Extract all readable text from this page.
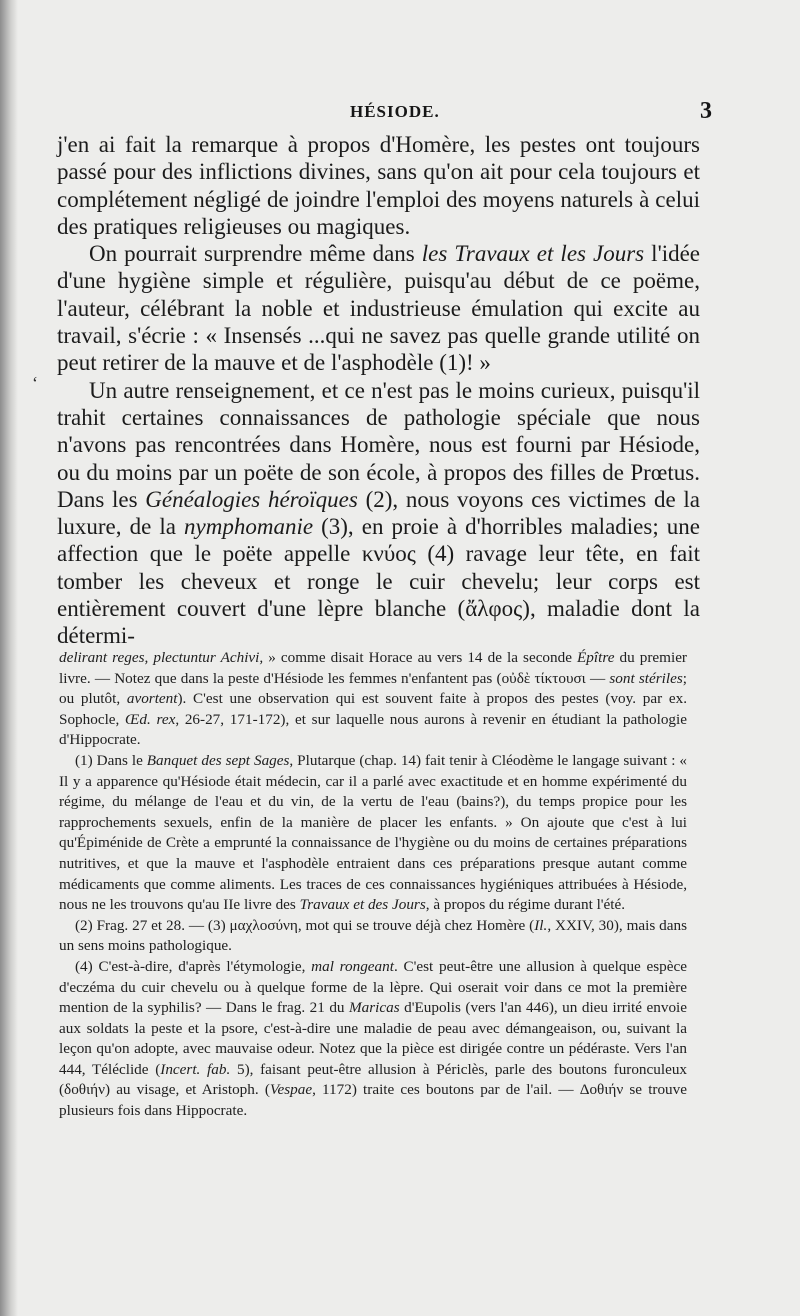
HÉSIODE.	3
‘

j'en ai fait la remarque à propos d'Homère, les pestes ont toujours passé pour des inflictions divines, sans qu'on ait pour cela toujours et complétement négligé de joindre l'emploi des moyens naturels à celui des pratiques religieuses ou magiques.

On pourrait surprendre même dans les Travaux et les Jours l'idée d'une hygiène simple et régulière, puisqu'au début de ce poëme, l'auteur, célébrant la noble et industrieuse émulation qui excite au travail, s'écrie : « Insensés ...qui ne savez pas quelle grande utilité on peut retirer de la mauve et de l'asphodèle (1)! »

Un autre renseignement, et ce n'est pas le moins curieux, puisqu'il trahit certaines connaissances de pathologie spéciale que nous n'avons pas rencontrées dans Homère, nous est fourni par Hésiode, ou du moins par un poëte de son école, à propos des filles de Prœtus. Dans les Généalogies héroïques (2), nous voyons ces victimes de la luxure, de la nymphomanie (3), en proie à d'horribles maladies; une affection que le poëte appelle κνύος (4) ravage leur tête, en fait tomber les cheveux et ronge le cuir chevelu; leur corps est entièrement couvert d'une lèpre blanche (ἄλφος), maladie dont la détermi-

delirant reges, plectuntur Achivi, » comme disait Horace au vers 14 de la seconde Épître du premier livre. — Notez que dans la peste d'Hésiode les femmes n'enfantent pas (οὐδὲ τίκτουσι — sont stériles; ou plutôt, avortent). C'est une observation qui est souvent faite à propos des pestes (voy. par ex. Sophocle, Œd. rex, 26-27, 171-172), et sur laquelle nous aurons à revenir en étudiant la pathologie d'Hippocrate.

(1) Dans le Banquet des sept Sages, Plutarque (chap. 14) fait tenir à Cléodème le langage suivant : « Il y a apparence qu'Hésiode était médecin, car il a parlé avec exactitude et en homme expérimenté du régime, du mélange de l'eau et du vin, de la vertu de l'eau (bains?), du temps propice pour les rapprochements sexuels, enfin de la manière de placer les enfants. » On ajoute que c'est à lui qu'Épiménide de Crète a emprunté la connaissance de l'hygiène ou du moins de certaines préparations nutritives, et que la mauve et l'asphodèle entraient dans ces préparations presque autant comme médicaments que comme aliments. Les traces de ces connaissances hygiéniques attribuées à Hésiode, nous ne les trouvons qu'au IIe livre des Travaux et des Jours, à propos du régime durant l'été.

(2) Frag. 27 et 28. — (3) μαχλοσύνη, mot qui se trouve déjà chez Homère (Il., XXIV, 30), mais dans un sens moins pathologique.

(4) C'est-à-dire, d'après l'étymologie, mal rongeant. C'est peut-être une allusion à quelque espèce d'eczéma du cuir chevelu ou à quelque forme de la lèpre. Qui oserait voir dans ce mot la première mention de la syphilis? — Dans le frag. 21 du Maricas d'Eupolis (vers l'an 446), un dieu irrité envoie aux soldats la peste et la psore, c'est-à-dire une maladie de peau avec démangeaison, ou, suivant la leçon qu'on adopte, avec mauvaise odeur. Notez que la pièce est dirigée contre un pédéraste. Vers l'an 444, Téléclide (Incert. fab. 5), faisant peut-être allusion à Périclès, parle des boutons furonculeux (δοθιήν) au visage, et Aristoph. (Vespae, 1172) traite ces boutons par de l'ail. — Δοθιήν se trouve plusieurs fois dans Hippocrate.
